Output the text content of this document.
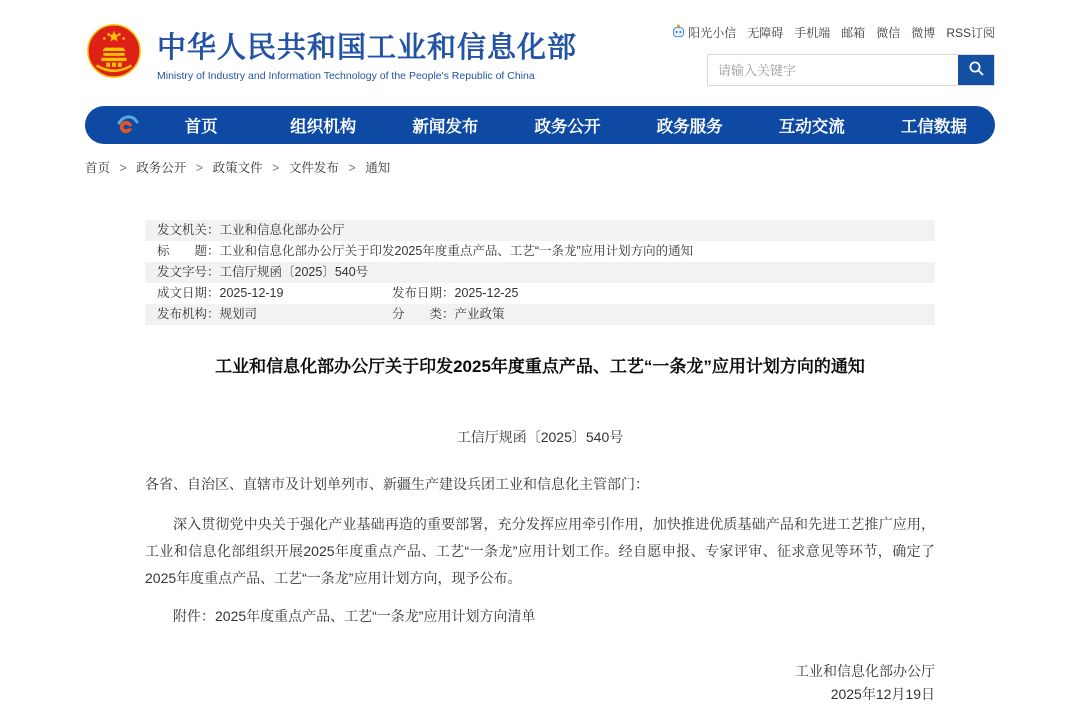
中华人民共和国工业和信息化部
Ministry of Industry and Information Technology of the People's Republic of China
阳光小信 无障碍 手机端 邮箱 微信 微博 RSS订阅
请输入关键字
首页	组织机构	新闻发布	政务公开	政务服务	互动交流	工信数据
首页 > 政务公开 > 政策文件 > 文件发布 > 通知
发文机关：工业和信息化部办公厅
标　　题：工业和信息化部办公厅关于印发2025年度重点产品、工艺“一条龙”应用计划方向的通知
发文字号：工信厅规函〔2025〕540号
成文日期：2025-12-19	发布日期：2025-12-25
发布机构：规划司	分　　类：产业政策
工业和信息化部办公厅关于印发2025年度重点产品、工艺“一条龙”应用计划方向的通知
工信厅规函〔2025〕540号

各省、自治区、直辖市及计划单列市、新疆生产建设兵团工业和信息化主管部门：

深入贯彻党中央关于强化产业基础再造的重要部署，充分发挥应用牵引作用，加快推进优质基础产品和先进工艺推广应用，工业和信息化部组织开展2025年度重点产品、工艺“一条龙”应用计划工作。经自愿申报、专家评审、征求意见等环节，确定了2025年度重点产品、工艺“一条龙”应用计划方向，现予公布。

附件：2025年度重点产品、工艺“一条龙”应用计划方向清单

工业和信息化部办公厅
2025年12月19日
